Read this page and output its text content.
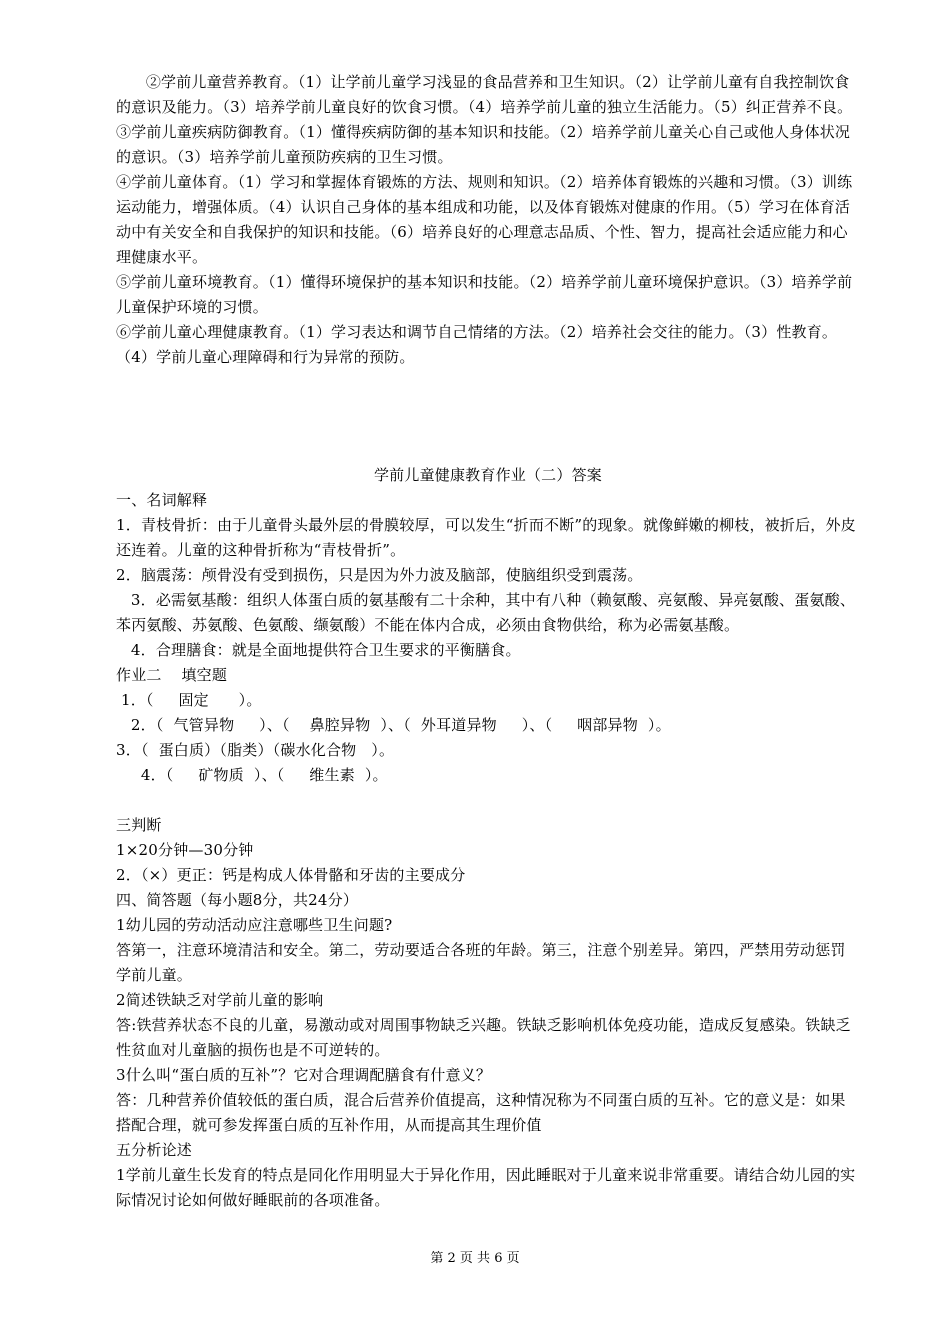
②学前儿童营养教育。（1）让学前儿童学习浅显的食品营养和卫生知识。（2）让学前儿童有自我控制饮食的意识及能力。（3）培养学前儿童良好的饮食习惯。（4）培养学前儿童的独立生活能力。（5）纠正营养不良。

③学前儿童疾病防御教育。（1）懂得疾病防御的基本知识和技能。（2）培养学前儿童关心自己或他人身体状况的意识。（3）培养学前儿童预防疾病的卫生习惯。

④学前儿童体育。（1）学习和掌握体育锻炼的方法、规则和知识。（2）培养体育锻炼的兴趣和习惯。（3）训练运动能力，增强体质。（4）认识自己身体的基本组成和功能，以及体育锻炼对健康的作用。（5）学习在体育活动中有关安全和自我保护的知识和技能。（6）培养良好的心理意志品质、个性、智力，提高社会适应能力和心理健康水平。

⑤学前儿童环境教育。（1）懂得环境保护的基本知识和技能。（2）培养学前儿童环境保护意识。（3）培养学前儿童保护环境的习惯。

⑥学前儿童心理健康教育。（1）学习表达和调节自己情绪的方法。（2）培养社会交往的能力。（3）性教育。（4）学前儿童心理障碍和行为异常的预防。

学前儿童健康教育作业（二）答案

一、名词解释

1．青枝骨折：由于儿童骨头最外层的骨膜较厚，可以发生“折而不断”的现象。就像鲜嫩的柳枝，被折后，外皮还连着。儿童的这种骨折称为“青枝骨折”。

2．脑震荡：颅骨没有受到损伤，只是因为外力波及脑部，使脑组织受到震荡。

3．必需氨基酸：组织人体蛋白质的氨基酸有二十余种，其中有八种（赖氨酸、亮氨酸、异亮氨酸、蛋氨酸、苯丙氨酸、苏氨酸、色氨酸、缬氨酸）不能在体内合成，必须由食物供给，称为必需氨基酸。

4．合理膳食：就是全面地提供符合卫生要求的平衡膳食。

作业二    填空题

1．（     固定      ）。

2．（  气管异物     ）、（    鼻腔异物  ）、（  外耳道异物     ）、（     咽部异物  ）。

3．（  蛋白质）（脂类）（碳水化合物   ）。

4．（     矿物质  ）、（     维生素  ）。

三判断

1×20分钟—30分钟

2．（×）更正：钙是构成人体骨骼和牙齿的主要成分

四、简答题（每小题8分，共24分）

1幼儿园的劳动活动应注意哪些卫生问题?

答第一，注意环境清洁和安全。第二，劳动要适合各班的年龄。第三，注意个别差异。第四，严禁用劳动惩罚学前儿童。

2简述铁缺乏对学前儿童的影响

答:铁营养状态不良的儿童，易激动或对周围事物缺乏兴趣。铁缺乏影响机体免疫功能，造成反复感染。铁缺乏性贫血对儿童脑的损伤也是不可逆转的。

3什么叫“蛋白质的互补”？它对合理调配膳食有什意义？

答：几种营养价值较低的蛋白质，混合后营养价值提高，这种情况称为不同蛋白质的互补。它的意义是：如果搭配合理，就可参发挥蛋白质的互补作用，从而提高其生理价值

五分析论述

1学前儿童生长发育的特点是同化作用明显大于异化作用，因此睡眠对于儿童来说非常重要。请结合幼儿园的实际情况讨论如何做好睡眠前的各项准备。

第 2 页 共 6 页
